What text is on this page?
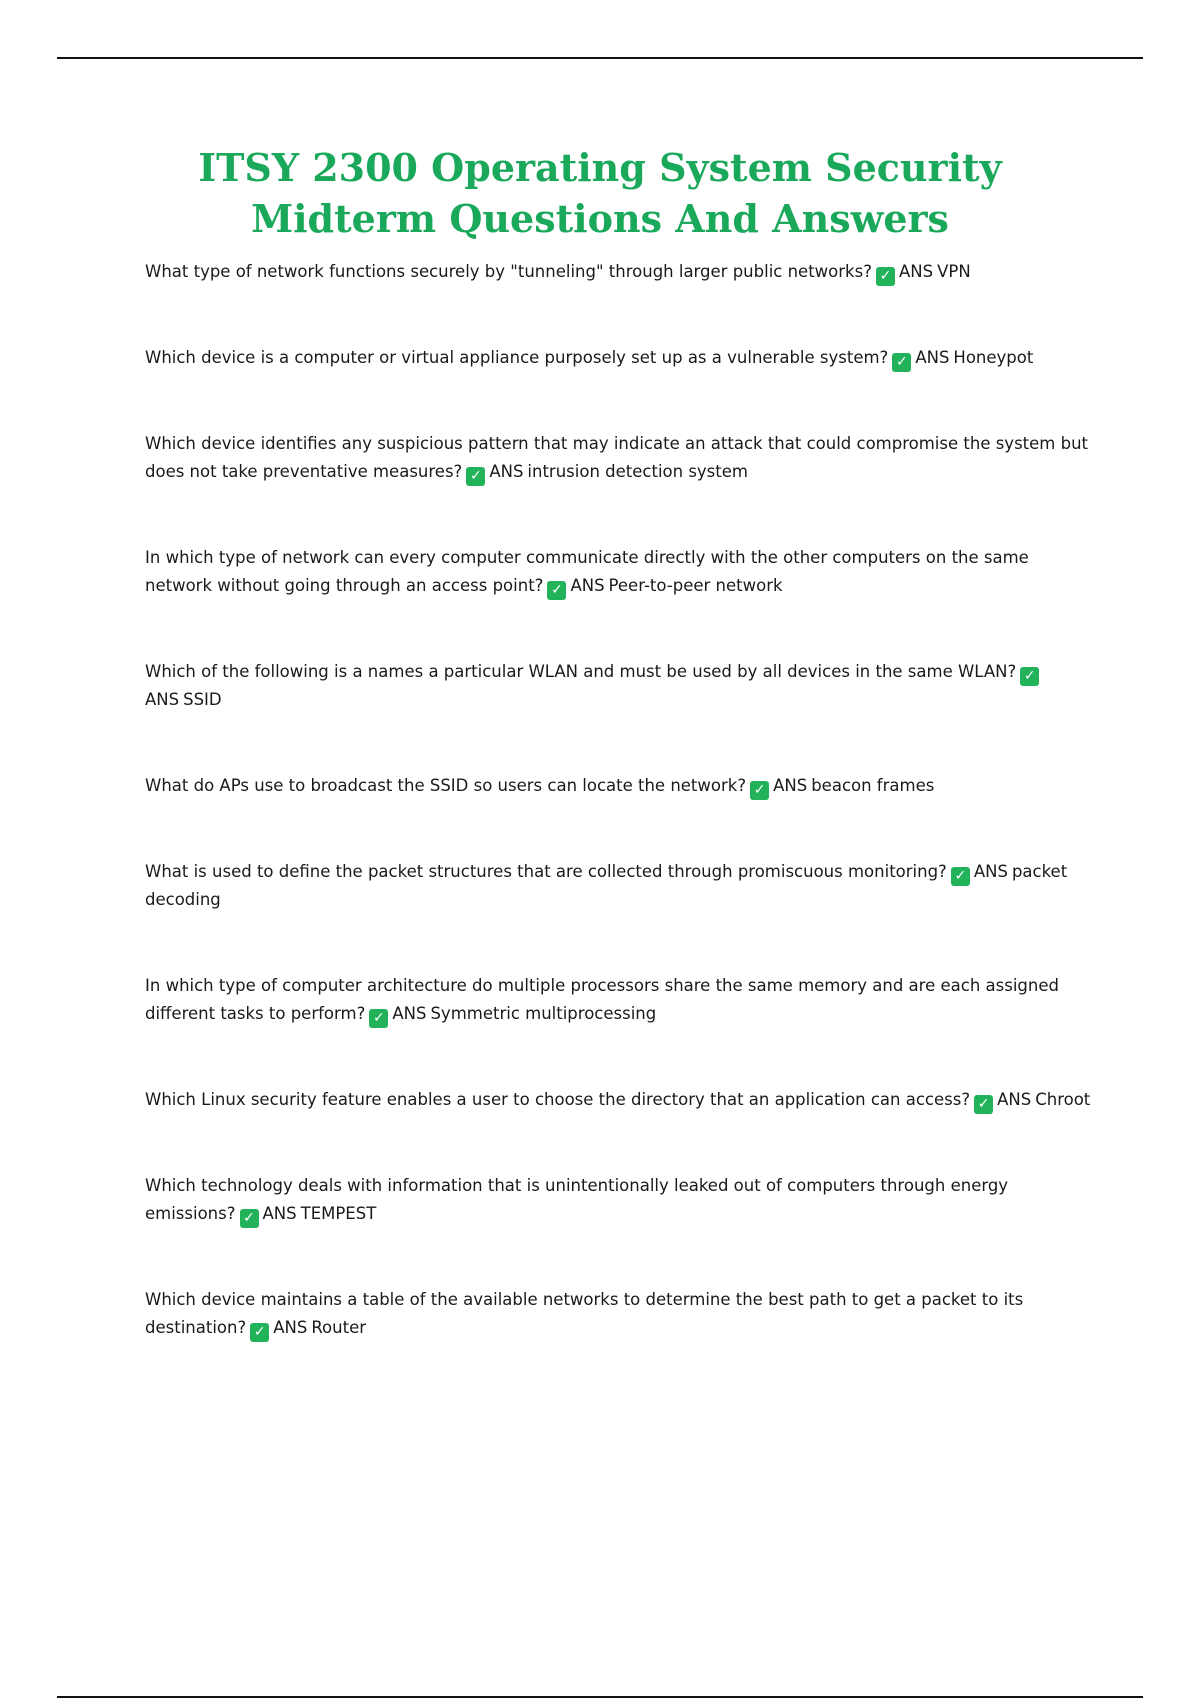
ITSY 2300 Operating System Security Midterm Questions And Answers
What type of network functions securely by "tunneling" through larger public networks? ✓ ANS VPN
Which device is a computer or virtual appliance purposely set up as a vulnerable system? ✓ ANS Honeypot
Which device identifies any suspicious pattern that may indicate an attack that could compromise the system but does not take preventative measures? ✓ ANS intrusion detection system
In which type of network can every computer communicate directly with the other computers on the same network without going through an access point? ✓ ANS Peer-to-peer network
Which of the following is a names a particular WLAN and must be used by all devices in the same WLAN? ✓ANS SSID
What do APs use to broadcast the SSID so users can locate the network? ✓ ANS beacon frames
What is used to define the packet structures that are collected through promiscuous monitoring? ✓ ANS packet decoding
In which type of computer architecture do multiple processors share the same memory and are each assigned different tasks to perform? ✓ ANS Symmetric multiprocessing
Which Linux security feature enables a user to choose the directory that an application can access? ✓ ANS Chroot
Which technology deals with information that is unintentionally leaked out of computers through energy emissions? ✓ ANS TEMPEST
Which device maintains a table of the available networks to determine the best path to get a packet to its destination? ✓ ANS Router
